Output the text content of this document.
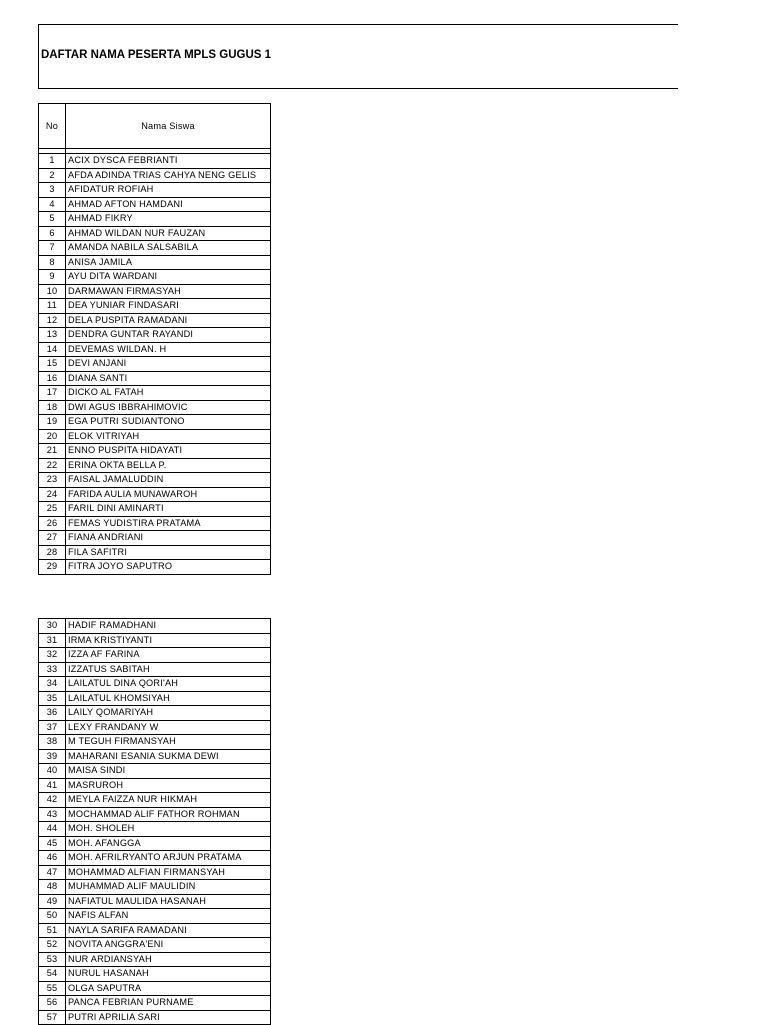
DAFTAR NAMA PESERTA MPLS GUGUS 1
No	Nama Siswa

1	ACIX DYSCA FEBRIANTI
2	AFDA ADINDA TRIAS CAHYA NENG GELIS
3	AFIDATUR ROFIAH
4	AHMAD AFTON HAMDANI
5	AHMAD FIKRY
6	AHMAD WILDAN NUR FAUZAN
7	AMANDA NABILA SALSABILA
8	ANISA JAMILA
9	AYU DITA WARDANI
10	DARMAWAN FIRMASYAH
11	DEA YUNIAR FINDASARI
12	DELA PUSPITA RAMADANI
13	DENDRA GUNTAR RAYANDI
14	DEVEMAS WILDAN. H
15	DEVI ANJANI
16	DIANA SANTI
17	DICKO AL FATAH
18	DWI AGUS IBBRAHIMOVIC
19	EGA PUTRI SUDIANTONO
20	ELOK VITRIYAH
21	ENNO PUSPITA HIDAYATI
22	ERINA OKTA BELLA P.
23	FAISAL JAMALUDDIN
24	FARIDA AULIA MUNAWAROH
25	FARIL DINI AMINARTI
26	FEMAS YUDISTIRA PRATAMA
27	FIANA ANDRIANI
28	FILA SAFITRI
29	FITRA JOYO SAPUTRO
30	HADIF RAMADHANI
31	IRMA KRISTIYANTI
32	IZZA AF FARINA
33	IZZATUS SABITAH
34	LAILATUL DINA QORI'AH
35	LAILATUL KHOMSIYAH
36	LAILY QOMARIYAH
37	LEXY FRANDANY W
38	M TEGUH FIRMANSYAH
39	MAHARANI ESANIA SUKMA DEWI
40	MAISA SINDI
41	MASRUROH
42	MEYLA FAIZZA NUR HIKMAH
43	MOCHAMMAD ALIF FATHOR ROHMAN
44	MOH. SHOLEH
45	MOH. AFANGGA
46	MOH. AFRILRYANTO ARJUN PRATAMA
47	MOHAMMAD ALFIAN FIRMANSYAH
48	MUHAMMAD ALIF MAULIDIN
49	NAFIATUL MAULIDA HASANAH
50	NAFIS ALFAN
51	NAYLA SARIFA RAMADANI
52	NOVITA ANGGRA'ENI
53	NUR ARDIANSYAH
54	NURUL HASANAH
55	OLGA SAPUTRA
56	PANCA FEBRIAN PURNAME
57	PUTRI APRILIA SARI
